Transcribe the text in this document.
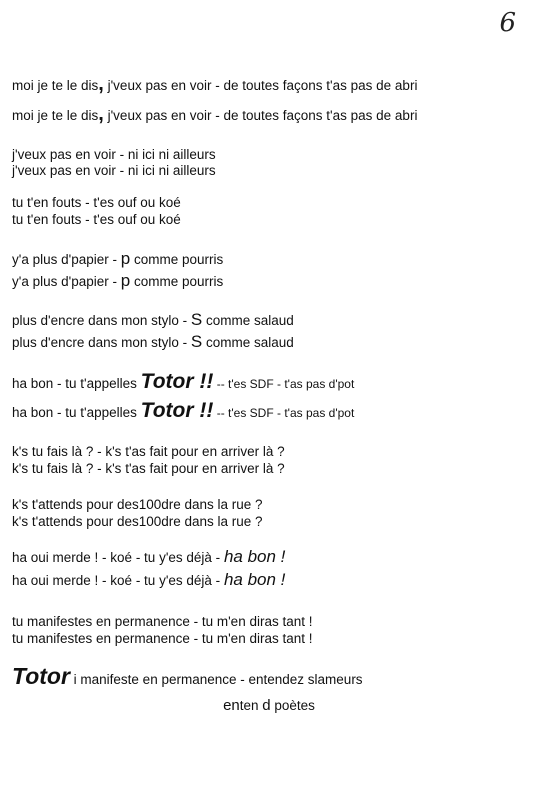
6
moi je te le dis, j'veux pas en voir - de toutes façons t'as pas de abri
moi je te le dis, j'veux pas en voir - de toutes façons t'as pas de abri
j'veux pas en voir - ni ici ni ailleurs
j'veux pas en voir - ni ici ni ailleurs
tu t'en fouts - t'es ouf ou koé
tu t'en fouts - t'es ouf ou koé
y'a plus d'papier - p comme pourris
y'a plus d'papier - p comme pourris
plus d'encre dans mon stylo - S comme salaud
plus d'encre dans mon stylo - S comme salaud
ha bon - tu t'appelles Totor !! -- t'es SDF - t'as pas d'pot
ha bon - tu t'appelles Totor !! -- t'es SDF - t'as pas d'pot
k's tu fais là ? - k's t'as fait pour en arriver là ?
k's tu fais là ? - k's t'as fait pour en arriver là ?
k's t'attends pour des100dre dans la rue ?
k's t'attends pour des100dre dans la rue ?
ha oui merde ! - koé - tu y'es déjà - ha bon !
ha oui merde ! - koé - tu y'es déjà - ha bon !
tu manifestes en permanence - tu m'en diras tant !
tu manifestes en permanence - tu m'en diras tant !
Totor i manifeste en permanence - entendez slameurs
enten d poètes
